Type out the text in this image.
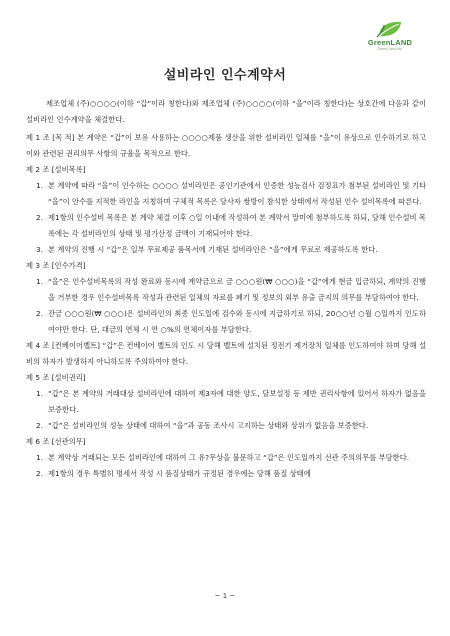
GreenLAND
Green Land Inc.
설비라인 인수계약서

제조업체 (주)○○○○(이하 “갑”이라 칭한다)와 제조업체 (주)○○○○(이하 “을”이라 칭한다)는 상호간에 다음과 같이 설비라인 인수계약을 체결한다.

제 1 조 [목 적] 본 계약은 “갑”이 보유 사용하는 ○○○○제품 생산을 위한 설비라인 일체를 “을”이 유상으로 인수하기로 하고 이와 관련된 권리의무 사항의 규율을 목적으로 한다.
제 2 조 [설비목록]
1. 본 계약에 따라 “을”이 인수하는 ○○○○ 설비라인은 공인기관에서 인증한 성능검사 검정표가 첨부된 설비라인 및 기타 “을”이 안수를 지적한 라인을 지칭하며 구체적 목록은 당사자 쌍방이 참석한 상태에서 작성된 인수 설비목록에 따른다.
2. 제1항의 인수설비 목록은 본 계약 체결 이후 ○일 이내에 작성하여 본 계약서 말미에 첨부하도록 하되, 당해 인수설비 목록에는 각 설비라인의 상태 및 평가산정 금액이 기재되어야 한다.
3. 본 계약의 진행 시 “갑”은 일부 무료제공 품목서에 기재된 설비라인은 “을”에게 무료로 제공하도록 한다.
제 3 조 [인수가격]
1. “을”은 인수설비목록의 작성 완료와 동시에 계약금으로 금 ○○○원(₩ ○○○)을 “갑”에게 현금 입금하되, 계약의 진행을 거부한 경우 인수설비목록 작성과 관련된 일체의 자료를 폐기 및 정보의 외부 유출 금지의 의무를 부담하여야 한다.
2. 잔금 ○○○원(₩ ○○○)은 설비라인의 최종 인도일에 검수와 동시에 지급하기로 하되, 20○○년 ○월 ○일까지 인도하여야만 한다. 단, 대금의 연체 시 연 ○%의 연체이자를 부담한다.
제 4 조 [컨베이어벨트] “갑”은 컨베이어 벨트의 인도 시 당해 벨트에 설치된 정전기 제거장치 일체를 인도하여야 하며 당해 설비의 하자가 발생하지 아니하도록 주의하여야 한다.
제 5 조 [설비권리]
1. “갑”은 본 계약의 거래대상 설비라인에 대하여 제3자에 대한 양도, 담보설정 등 제반 권리사항에 있어서 하자가 없음을 보증한다.
2. “갑”은 설비라인의 성능 상태에 대하여 “을”과 공동 조사시 고지하는 상태와 상위가 없음을 보증한다.
제 6 조 [선관의무]
1. 본 계약상 거래되는 모든 설비라인에 대하여 그 유?무상을 불문하고 “갑”은 인도일까지 선관 주의의무를 부담한다.
2. 제1항의 경우 특별히 명세서 작성 시 품질상태가 규정된 경우에는 당해 품질 상태에
~ 1 ~
